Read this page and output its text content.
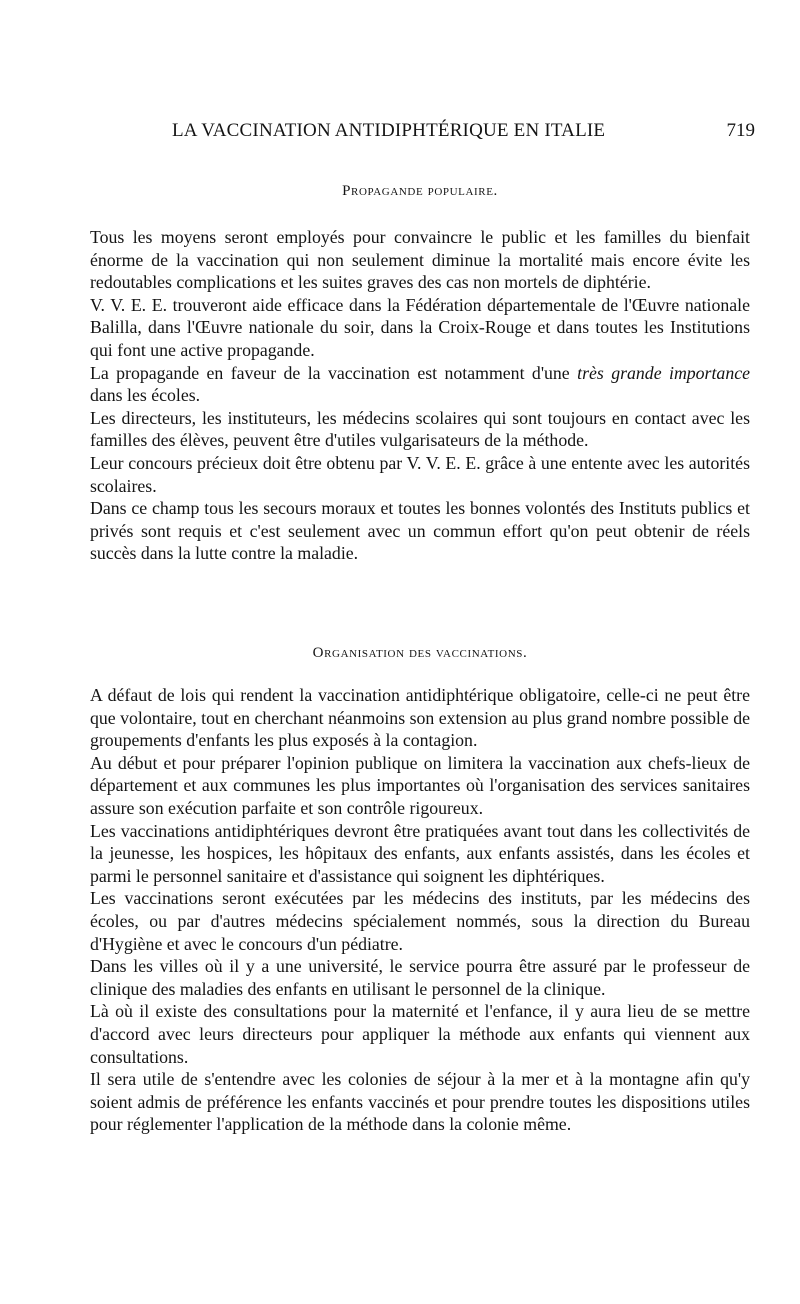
LA VACCINATION ANTIDIPHTÉRIQUE EN ITALIE	719
Propagande populaire.

Tous les moyens seront employés pour convaincre le public et les familles du bienfait énorme de la vaccination qui non seulement diminue la mortalité mais encore évite les redoutables complications et les suites graves des cas non mortels de diphtérie.

V. V. E. E. trouveront aide efficace dans la Fédération départementale de l'Œuvre nationale Balilla, dans l'Œuvre nationale du soir, dans la Croix-Rouge et dans toutes les Institutions qui font une active propagande.

La propagande en faveur de la vaccination est notamment d'une très grande importance dans les écoles.

Les directeurs, les instituteurs, les médecins scolaires qui sont toujours en contact avec les familles des élèves, peuvent être d'utiles vulgarisateurs de la méthode.

Leur concours précieux doit être obtenu par V. V. E. E. grâce à une entente avec les autorités scolaires.

Dans ce champ tous les secours moraux et toutes les bonnes volontés des Instituts publics et privés sont requis et c'est seulement avec un commun effort qu'on peut obtenir de réels succès dans la lutte contre la maladie.

Organisation des vaccinations.

A défaut de lois qui rendent la vaccination antidiphtérique obligatoire, celle-ci ne peut être que volontaire, tout en cherchant néanmoins son extension au plus grand nombre possible de groupements d'enfants les plus exposés à la contagion.

Au début et pour préparer l'opinion publique on limitera la vaccination aux chefs-lieux de département et aux communes les plus importantes où l'organisation des services sanitaires assure son exécution parfaite et son contrôle rigoureux.

Les vaccinations antidiphtériques devront être pratiquées avant tout dans les collectivités de la jeunesse, les hospices, les hôpitaux des enfants, aux enfants assistés, dans les écoles et parmi le personnel sanitaire et d'assistance qui soignent les diphtériques.

Les vaccinations seront exécutées par les médecins des instituts, par les médecins des écoles, ou par d'autres médecins spécialement nommés, sous la direction du Bureau d'Hygiène et avec le concours d'un pédiatre.

Dans les villes où il y a une université, le service pourra être assuré par le professeur de clinique des maladies des enfants en utilisant le personnel de la clinique.

Là où il existe des consultations pour la maternité et l'enfance, il y aura lieu de se mettre d'accord avec leurs directeurs pour appliquer la méthode aux enfants qui viennent aux consultations.

Il sera utile de s'entendre avec les colonies de séjour à la mer et à la montagne afin qu'y soient admis de préférence les enfants vaccinés et pour prendre toutes les dispositions utiles pour réglementer l'application de la méthode dans la colonie même.
